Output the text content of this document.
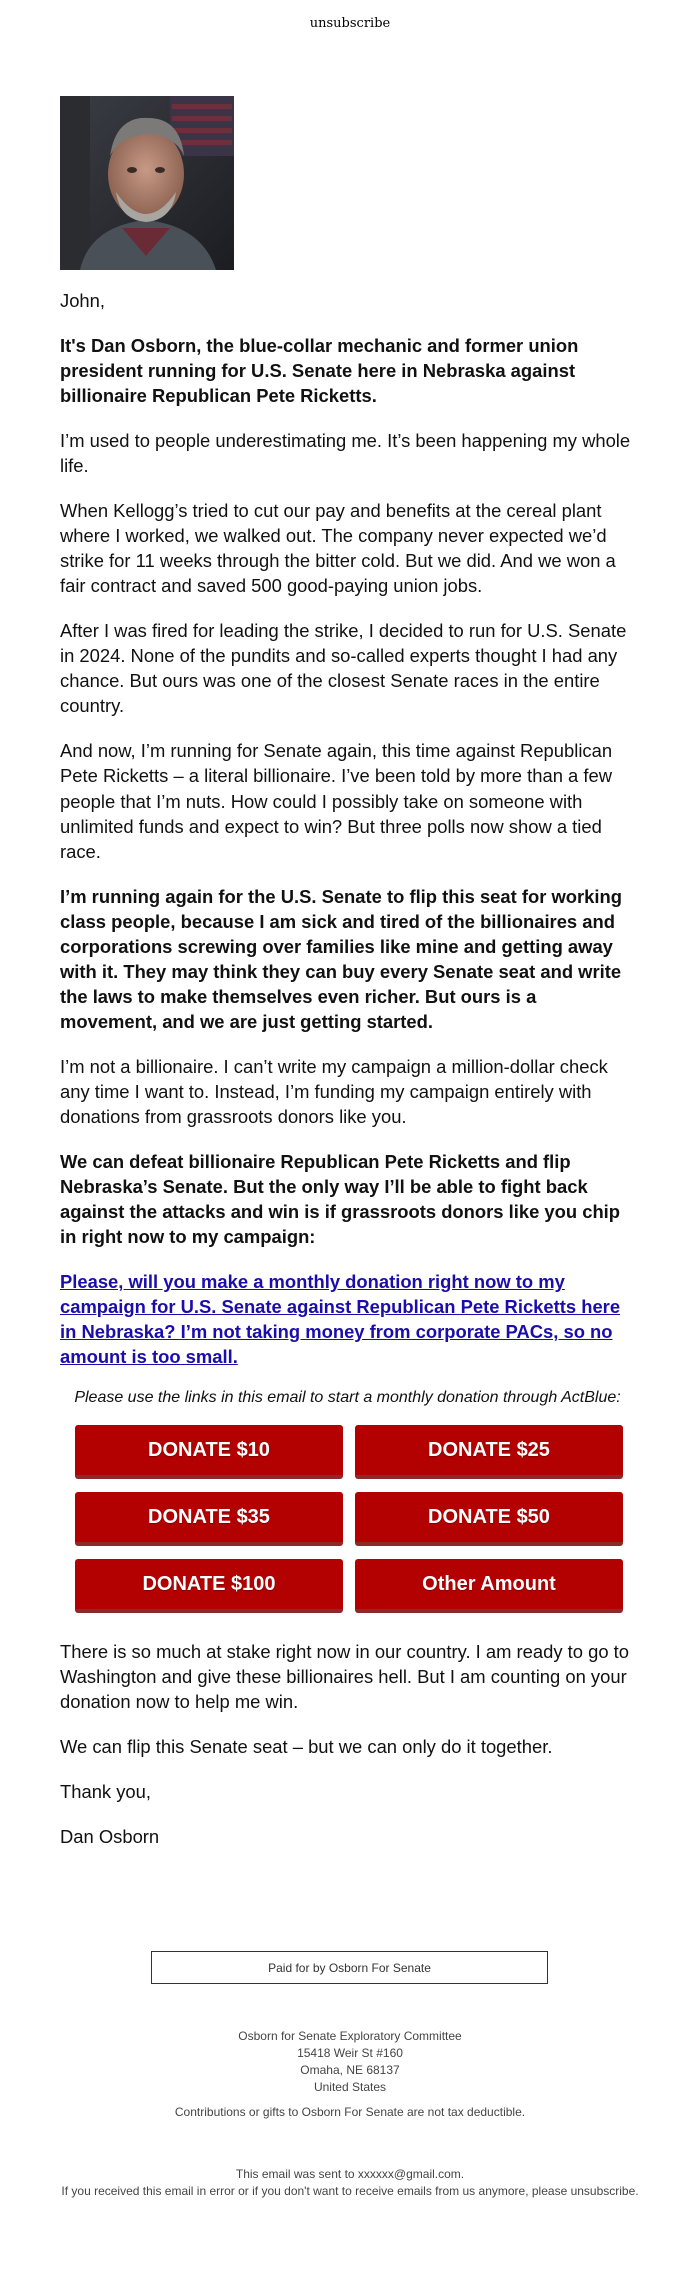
unsubscribe

John,

It's Dan Osborn, the blue-collar mechanic and former union president running for U.S. Senate here in Nebraska against billionaire Republican Pete Ricketts.

I’m used to people underestimating me. It’s been happening my whole life.

When Kellogg’s tried to cut our pay and benefits at the cereal plant where I worked, we walked out. The company never expected we’d strike for 11 weeks through the bitter cold. But we did. And we won a fair contract and saved 500 good-paying union jobs.

After I was fired for leading the strike, I decided to run for U.S. Senate in 2024. None of the pundits and so-called experts thought I had any chance. But ours was one of the closest Senate races in the entire country.

And now, I’m running for Senate again, this time against Republican Pete Ricketts – a literal billionaire. I’ve been told by more than a few people that I’m nuts. How could I possibly take on someone with unlimited funds and expect to win? But three polls now show a tied race.

I’m running again for the U.S. Senate to flip this seat for working class people, because I am sick and tired of the billionaires and corporations screwing over families like mine and getting away with it. They may think they can buy every Senate seat and write the laws to make themselves even richer. But ours is a movement, and we are just getting started.

I’m not a billionaire. I can’t write my campaign a million-dollar check any time I want to. Instead, I’m funding my campaign entirely with donations from grassroots donors like you.

We can defeat billionaire Republican Pete Ricketts and flip Nebraska’s Senate. But the only way I’ll be able to fight back against the attacks and win is if grassroots donors like you chip in right now to my campaign:

Please, will you make a monthly donation right now to my campaign for U.S. Senate against Republican Pete Ricketts here in Nebraska? I’m not taking money from corporate PACs, so no amount is too small.

Please use the links in this email to start a monthly donation through ActBlue:
DONATE $10	DONATE $25
DONATE $35	DONATE $50
DONATE $100	Other Amount

There is so much at stake right now in our country. I am ready to go to Washington and give these billionaires hell. But I am counting on your donation now to help me win.

We can flip this Senate seat – but we can only do it together.

Thank you,

Dan Osborn

Paid for by Osborn For Senate
Osborn for Senate Exploratory Committee
15418 Weir St #160
Omaha, NE 68137
United States
Contributions or gifts to Osborn For Senate are not tax deductible.
This email was sent to xxxxxx@gmail.com.
If you received this email in error or if you don't want to receive emails from us anymore, please unsubscribe.
